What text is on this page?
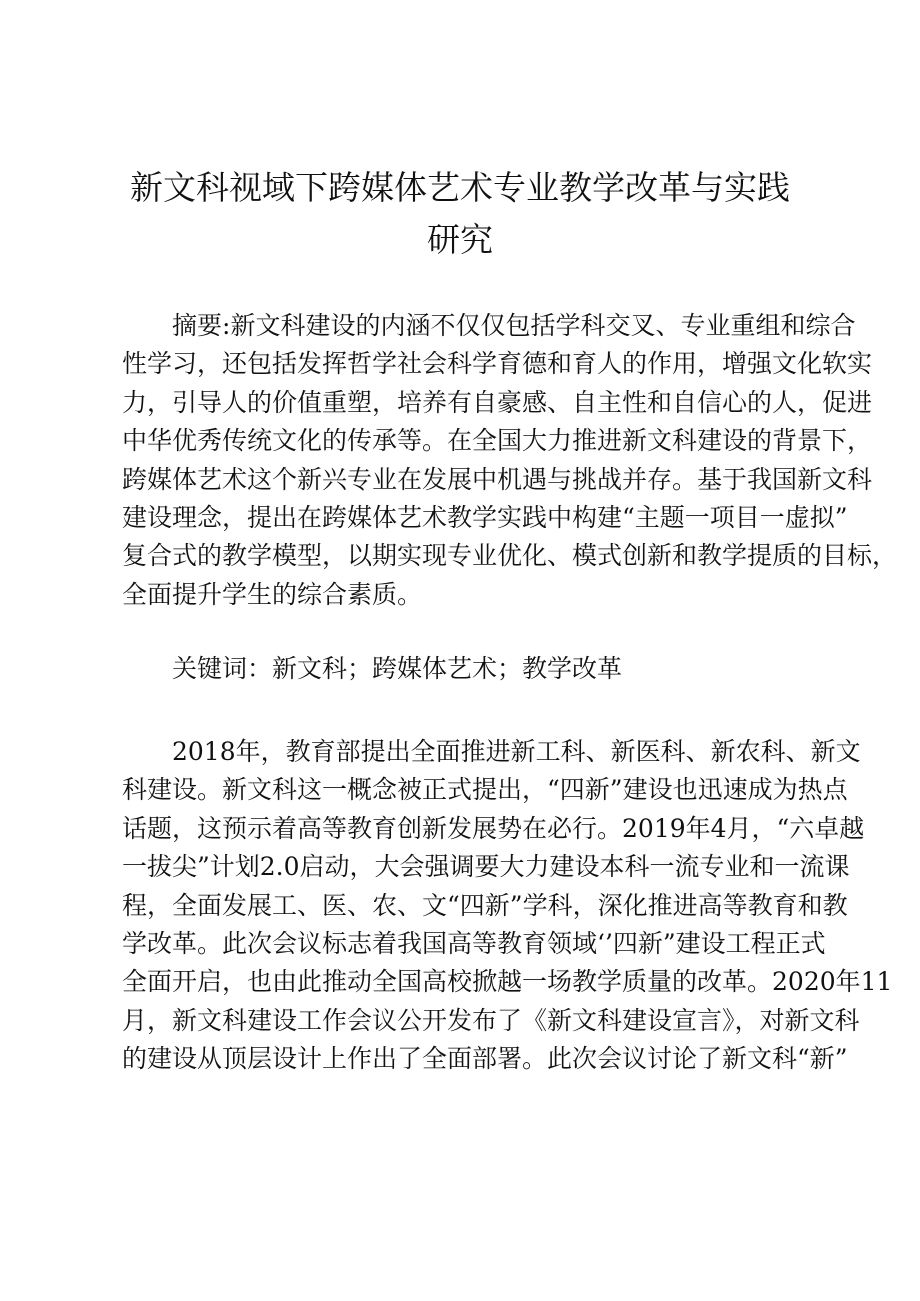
新文科视域下跨媒体艺术专业教学改革与实践
研究
摘要:新文科建设的内涵不仅仅包括学科交叉、专业重组和综合
性学习，还包括发挥哲学社会科学育德和育人的作用，增强文化软实
力，引导人的价值重塑，培养有自豪感、自主性和自信心的人，促进
中华优秀传统文化的传承等。在全国大力推进新文科建设的背景下，
跨媒体艺术这个新兴专业在发展中机遇与挑战并存。基于我国新文科
建设理念，提出在跨媒体艺术教学实践中构建“主题一项目一虚拟”
复合式的教学模型，以期实现专业优化、模式创新和教学提质的目标，
全面提升学生的综合素质。
关键词：新文科；跨媒体艺术；教学改革
2018年，教育部提出全面推进新工科、新医科、新农科、新文
科建设。新文科这一概念被正式提出，“四新”建设也迅速成为热点
话题，这预示着高等教育创新发展势在必行。2019年4月，“六卓越
一拔尖”计划2.0启动，大会强调要大力建设本科一流专业和一流课
程，全面发展工、医、农、文“四新”学科，深化推进高等教育和教
学改革。此次会议标志着我国高等教育领域‘’四新”建设工程正式
全面开启，也由此推动全国高校掀越一场教学质量的改革。2020年11
月，新文科建设工作会议公开发布了《新文科建设宣言》，对新文科
的建设从顶层设计上作出了全面部署。此次会议讨论了新文科“新”
